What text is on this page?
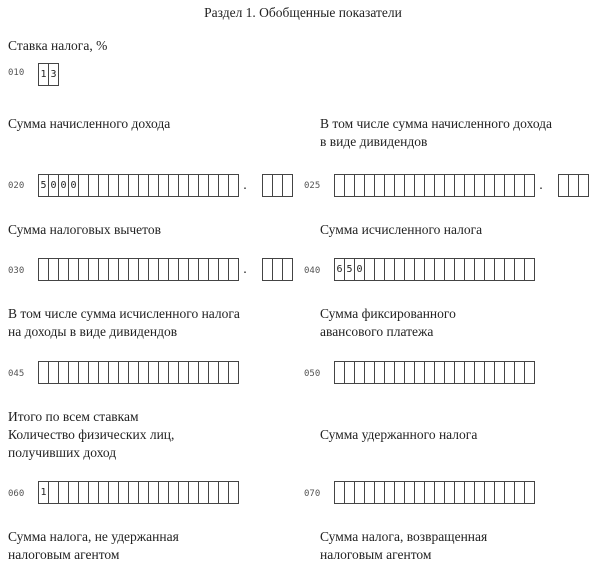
Раздел 1. Обобщенные показатели
Ставка налога, %
010 1 3
Сумма начисленного дохода
020 5 0 0 0	.
В том числе сумма начисленного дохода
в виде дивидендов
025	.
Сумма налоговых вычетов
030	.
Сумма исчисленного налога
040 6 5 0
В том числе сумма исчисленного налога
на доходы в виде дивидендов
045
Сумма фиксированного
авансового платежа
050
Итого по всем ставкам
Количество физических лиц,
получивших доход
060 1
Сумма удержанного налога
070
Сумма налога, не удержанная
налоговым агентом
Сумма налога, возвращенная
налоговым агентом
